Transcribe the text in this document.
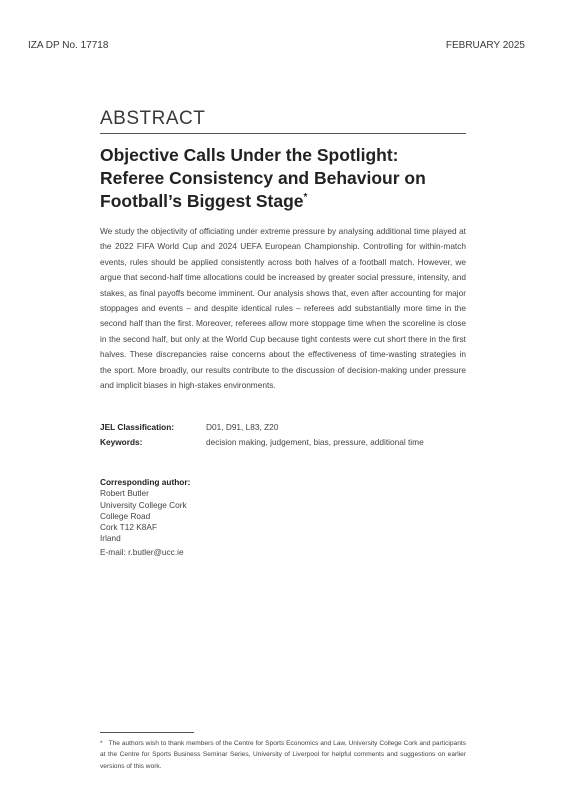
IZA DP No. 17718	FEBRUARY 2025
ABSTRACT
Objective Calls Under the Spotlight: Referee Consistency and Behaviour on Football’s Biggest Stage*
We study the objectivity of officiating under extreme pressure by analysing additional time played at the 2022 FIFA World Cup and 2024 UEFA European Championship. Controlling for within-match events, rules should be applied consistently across both halves of a football match. However, we argue that second-half time allocations could be increased by greater social pressure, intensity, and stakes, as final payoffs become imminent. Our analysis shows that, even after accounting for major stoppages and events – and despite identical rules – referees add substantially more time in the second half than the first. Moreover, referees allow more stoppage time when the scoreline is close in the second half, but only at the World Cup because tight contests were cut short there in the first halves. These discrepancies raise concerns about the effectiveness of time-wasting strategies in the sport. More broadly, our results contribute to the discussion of decision-making under pressure and implicit biases in high-stakes environments.
JEL Classification:	D01, D91, L83, Z20
Keywords:	decision making, judgement, bias, pressure, additional time
Corresponding author:
Robert Butler
University College Cork
College Road
Cork T12 K8AF
Irland
E-mail: r.butler@ucc.ie
* The authors wish to thank members of the Centre for Sports Economics and Law, University College Cork and participants at the Centre for Sports Business Seminar Series, University of Liverpool for helpful comments and suggestions on earlier versions of this work.
